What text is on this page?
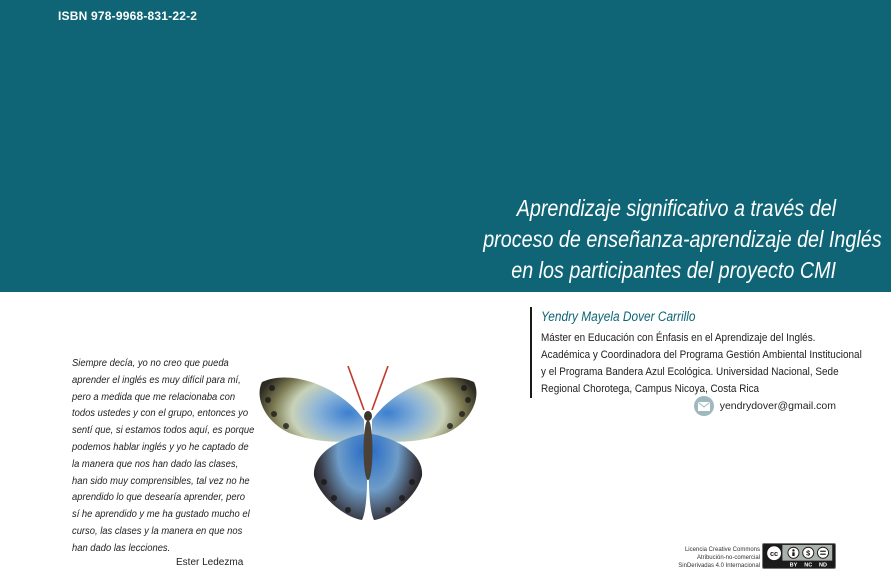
ISBN 978-9968-831-22-2
Aprendizaje significativo a través del
proceso de enseñanza-aprendizaje del Inglés
en los participantes del proyecto CMI
Yendry Mayela Dover Carrillo
Máster en Educación con Énfasis en el Aprendizaje del Inglés.
Académica y Coordinadora del Programa Gestión Ambiental Institucional
y el Programa Bandera Azul Ecológica. Universidad Nacional, Sede
Regional Chorotega, Campus Nicoya, Costa Rica
yendrydover@gmail.com
Siempre decía, yo no creo que pueda
aprender el inglés es muy difícil para mí,
pero a medida que me relacionaba con
todos ustedes y con el grupo, entonces yo
sentí que, si estamos todos aquí, es porque
podemos hablar inglés y yo he captado de
la manera que nos han dado las clases,
han sido muy comprensibles, tal vez no he
aprendido lo que desearía aprender, pero
sí he aprendido y me ha gustado mucho el
curso, las clases y la manera en que nos
han dado las lecciones.
Ester Ledezma
Licencia Creative Commons
Atribución-no-comercial
SinDerivadas 4.0 Internacional
cc	$
BY NC ND
